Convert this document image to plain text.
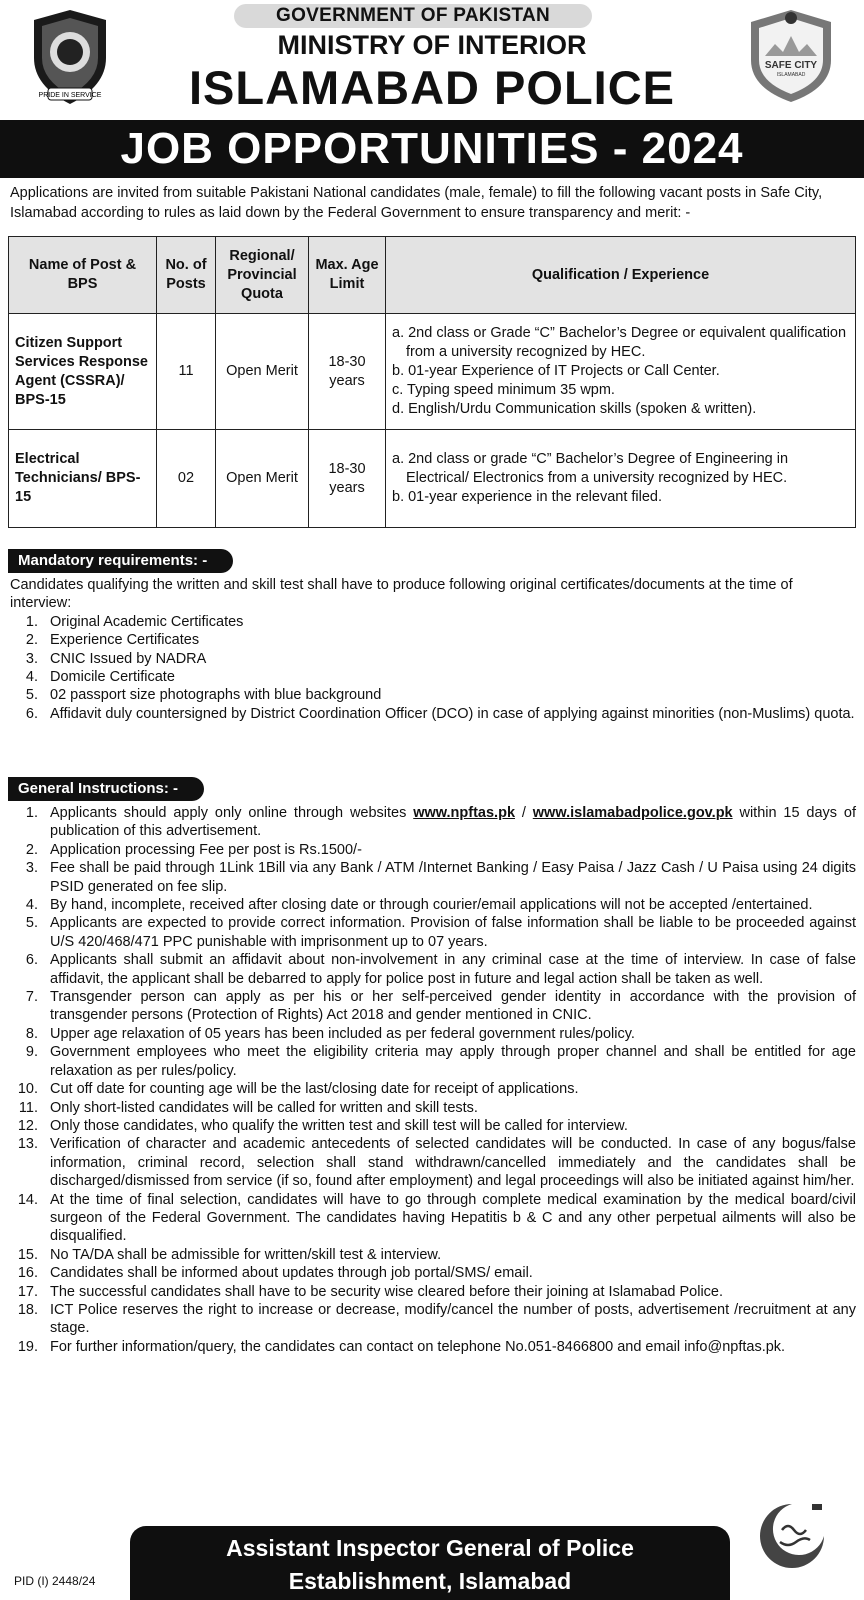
PRIDE IN SERVICE
GOVERNMENT OF PAKISTAN
MINISTRY OF INTERIOR
ISLAMABAD POLICE	SAFE CITY
ISLAMABAD
JOB OPPORTUNITIES - 2024
Applications are invited from suitable Pakistani National candidates (male, female) to fill the following vacant posts in Safe City, Islamabad according to rules as laid down by the Federal Government to ensure transparency and merit: -
Name of Post & BPS	No. of Posts	Regional/ Provincial Quota	Max. Age Limit	Qualification / Experience
Citizen Support Services Response Agent (CSSRA)/ BPS-15	11	Open Merit	18-30 years	a. 2nd class or Grade “C” Bachelor’s Degree or equivalent qualification from a university recognized by HEC.
b. 01-year Experience of IT Projects or Call Center.
c. Typing speed minimum 35 wpm.
d. English/Urdu Communication skills (spoken & written).

Electrical Technicians/ BPS-15	02	Open Merit	18-30 years	a. 2nd class or grade “C” Bachelor’s Degree of Engineering in Electrical/ Electronics from a university recognized by HEC.
b. 01-year experience in the relevant filed.
Mandatory requirements: -
Candidates qualifying the written and skill test shall have to produce following original certificates/documents at the time of interview:
1. Original Academic Certificates
2. Experience Certificates
3. CNIC Issued by NADRA
4. Domicile Certificate
5. 02 passport size photographs with blue background
6. Affidavit duly countersigned by District Coordination Officer (DCO) in case of applying against minorities (non-Muslims) quota.
General Instructions: -
1. Applicants should apply only online through websites www.npftas.pk / www.islamabadpolice.gov.pk within 15 days of publication of this advertisement.
2. Application processing Fee per post is Rs.1500/-
3. Fee shall be paid through 1Link 1Bill via any Bank / ATM /Internet Banking / Easy Paisa / Jazz Cash / U Paisa using 24 digits PSID generated on fee slip.
4. By hand, incomplete, received after closing date or through courier/email applications will not be accepted /entertained.
5. Applicants are expected to provide correct information. Provision of false information shall be liable to be proceeded against U/S 420/468/471 PPC punishable with imprisonment up to 07 years.
6. Applicants shall submit an affidavit about non-involvement in any criminal case at the time of interview. In case of false affidavit, the applicant shall be debarred to apply for police post in future and legal action shall be taken as well.
7. Transgender person can apply as per his or her self-perceived gender identity in accordance with the provision of transgender persons (Protection of Rights) Act 2018 and gender mentioned in CNIC.
8. Upper age relaxation of 05 years has been included as per federal government rules/policy.
9. Government employees who meet the eligibility criteria may apply through proper channel and shall be entitled for age relaxation as per rules/policy.
10. Cut off date for counting age will be the last/closing date for receipt of applications.
11. Only short-listed candidates will be called for written and skill tests.
12. Only those candidates, who qualify the written test and skill test will be called for interview.
13. Verification of character and academic antecedents of selected candidates will be conducted. In case of any bogus/false information, criminal record, selection shall stand withdrawn/cancelled immediately and the candidates shall be discharged/dismissed from service (if so, found after employment) and legal proceedings will also be initiated against him/her.
14. At the time of final selection, candidates will have to go through complete medical examination by the medical board/civil surgeon of the Federal Government. The candidates having Hepatitis b & C and any other perpetual ailments will also be disqualified.
15. No TA/DA shall be admissible for written/skill test & interview.
16. Candidates shall be informed about updates through job portal/SMS/ email.
17. The successful candidates shall have to be security wise cleared before their joining at Islamabad Police.
18. ICT Police reserves the right to increase or decrease, modify/cancel the number of posts, advertisement /recruitment at any stage.
19. For further information/query, the candidates can contact on telephone No.051-8466800 and email info@npftas.pk.
PID (I) 2448/24
Assistant Inspector General of Police
Establishment, Islamabad
